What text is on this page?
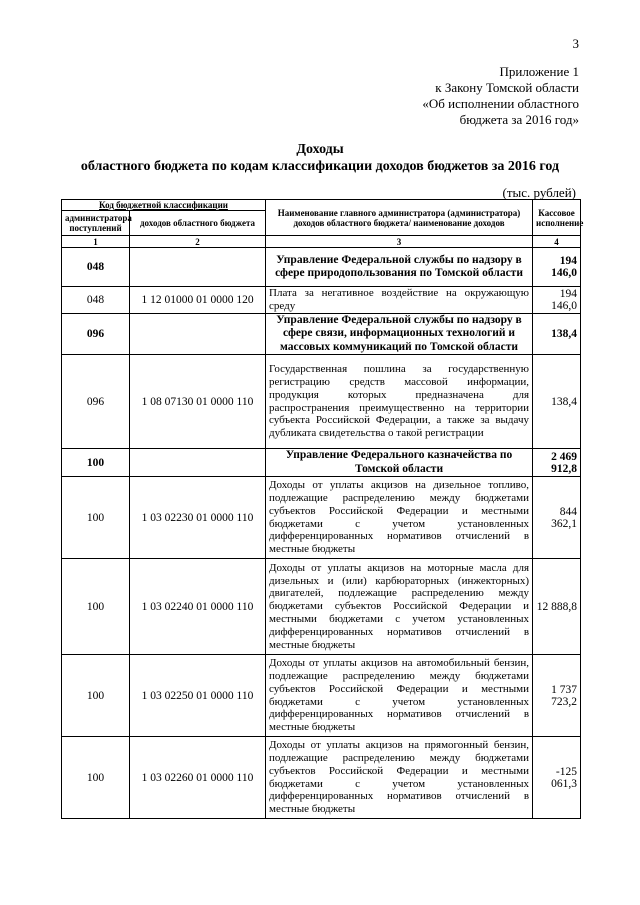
3
Приложение 1
к Закону Томской области
«Об исполнении областного
бюджета за 2016 год»
Доходы
областного бюджета по кодам классификации доходов бюджетов за 2016 год
(тыс. рублей)
Код бюджетной классификации		Наименование главного администратора (администратора) доходов областного бюджета/ наименование доходов	Кассовое исполнение
администратора поступлений	доходов областного бюджета		
1	2	3	4
048		Управление Федеральной службы по надзору в сфере природопользования по Томской области	194 146,0
048	1 12 01000 01 0000 120	Плата за негативное воздействие на окружающую среду	194 146,0
096		Управление Федеральной службы по надзору в сфере связи, информационных технологий и массовых коммуникаций по Томской области	138,4
096	1 08 07130 01 0000 110	Государственная пошлина за государственную регистрацию средств массовой информации, продукция которых предназначена для распространения преимущественно на территории субъекта Российской Федерации, а также за выдачу дубликата свидетельства о такой регистрации	138,4
100		Управление Федерального казначейства по Томской области	2 469 912,8
100	1 03 02230 01 0000 110	Доходы от уплаты акцизов на дизельное топливо, подлежащие распределению между бюджетами субъектов Российской Федерации и местными бюджетами с учетом установленных дифференцированных нормативов отчислений в местные бюджеты	844 362,1
100	1 03 02240 01 0000 110	Доходы от уплаты акцизов на моторные масла для дизельных и (или) карбюраторных (инжекторных) двигателей, подлежащие распределению между бюджетами субъектов Российской Федерации и местными бюджетами с учетом установленных дифференцированных нормативов отчислений в местные бюджеты	12 888,8
100	1 03 02250 01 0000 110	Доходы от уплаты акцизов на автомобильный бензин, подлежащие распределению между бюджетами субъектов Российской Федерации и местными бюджетами с учетом установленных дифференцированных нормативов отчислений в местные бюджеты	1 737 723,2
100	1 03 02260 01 0000 110	Доходы от уплаты акцизов на прямогонный бензин, подлежащие распределению между бюджетами субъектов Российской Федерации и местными бюджетами с учетом установленных дифференцированных нормативов отчислений в местные бюджеты	-125 061,3
